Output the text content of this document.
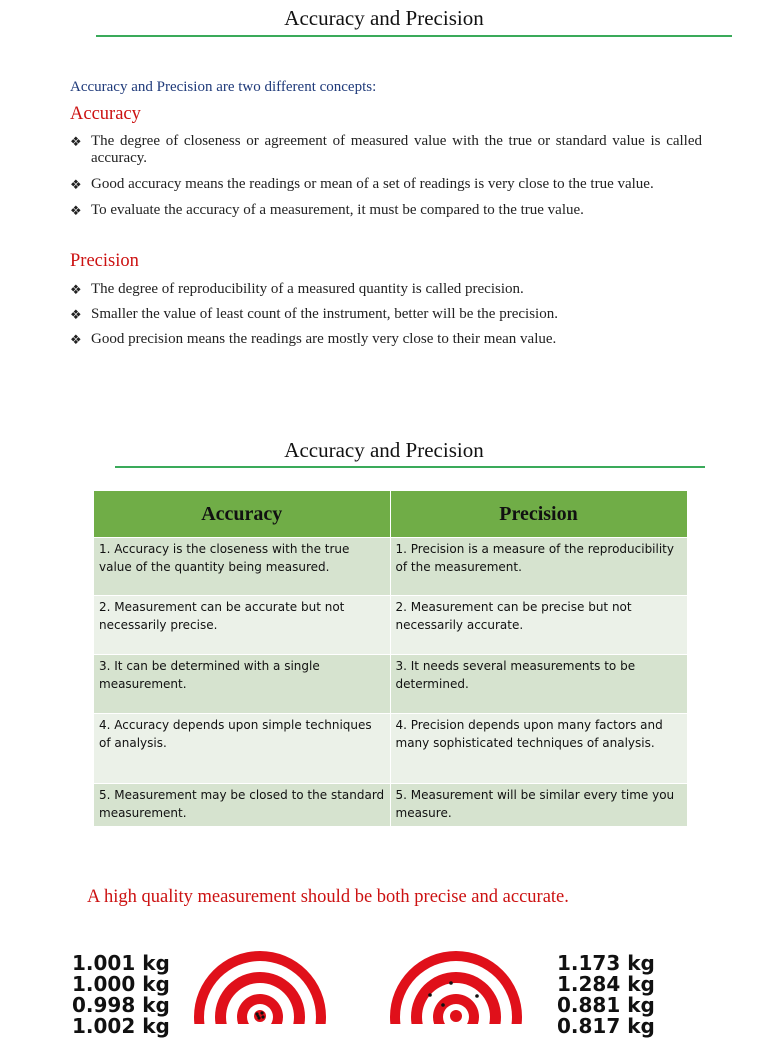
Accuracy and Precision
Accuracy and Precision are two different concepts:
Accuracy
❖ The degree of closeness or agreement of measured value with the true or standard value is called accuracy.
❖ Good accuracy means the readings or mean of a set of readings is very close to the true value.
❖ To evaluate the accuracy of a measurement, it must be compared to the true value.
Precision
❖ The degree of reproducibility of a measured quantity is called precision.
❖ Smaller the value of least count of the instrument, better will be the precision.
❖ Good precision means the readings are mostly very close to their mean value.
Accuracy and Precision
Accuracy	Precision
1. Accuracy is the closeness with the true value of the quantity being measured.	1. Precision is a measure of the reproducibility of the measurement.
2. Measurement can be accurate but not necessarily precise.	2. Measurement can be precise but not necessarily accurate.
3. It can be determined with a single measurement.	3. It needs several measurements to be determined.
4. Accuracy depends upon simple techniques of analysis.	4. Precision depends upon many factors and many sophisticated techniques of analysis.
5. Measurement may be closed to the standard measurement.	5. Measurement will be similar every time you measure.
A high quality measurement should be both precise and accurate.
1.001 kg
1.000 kg
0.998 kg
1.002 kg
1.173 kg
1.284 kg
0.881 kg
0.817 kg
